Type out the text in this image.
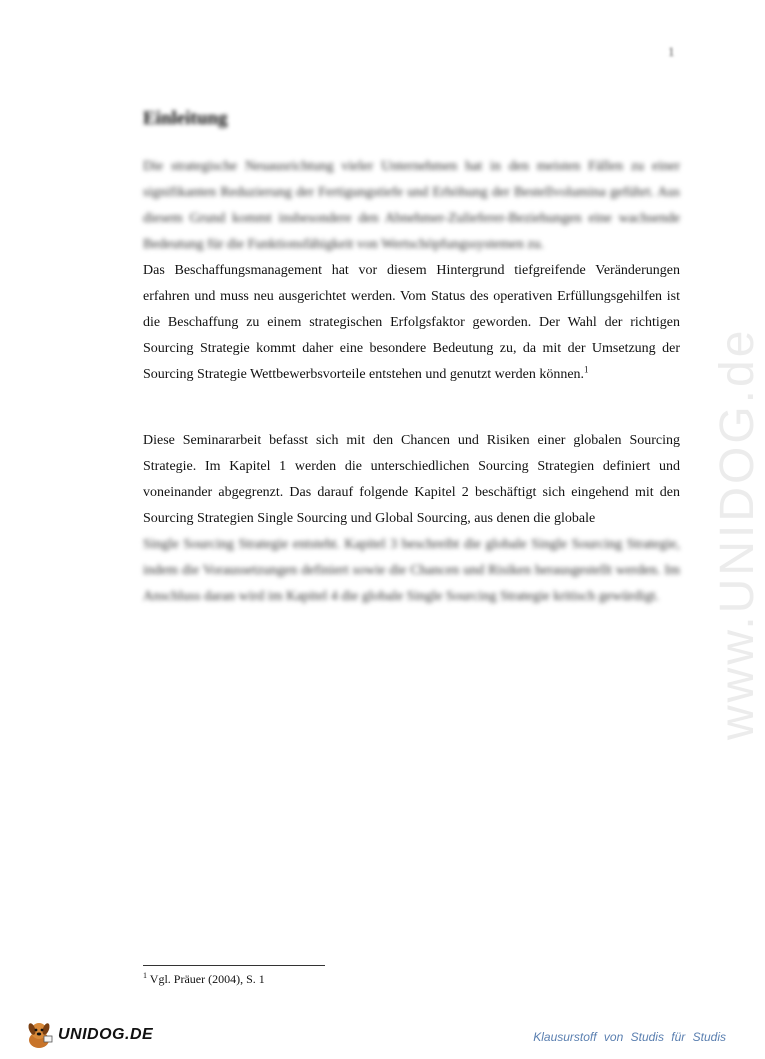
1
Einleitung

Die strategische Neuausrichtung vieler Unternehmen hat in den meisten Fällen zu einer signifikanten Reduzierung der Fertigungstiefe und Erhöhung der Bestellvolumina geführt. Aus diesem Grund kommt insbesondere den Abnehmer-Zulieferer-Beziehungen eine wachsende Bedeutung für die Funktionsfähigkeit von Wertschöpfungssystemen zu.

Das Beschaffungsmanagement hat vor diesem Hintergrund tiefgreifende Veränderungen erfahren und muss neu ausgerichtet werden. Vom Status des operativen Erfüllungsgehilfen ist die Beschaffung zu einem strategischen Erfolgsfaktor geworden. Der Wahl der richtigen Sourcing Strategie kommt daher eine besondere Bedeutung zu, da mit der Umsetzung der Sourcing Strategie Wettbewerbsvorteile entstehen und genutzt werden können.$^1$

Diese Seminararbeit befasst sich mit den Chancen und Risiken einer globalen Sourcing Strategie. Im Kapitel 1 werden die unterschiedlichen Sourcing Strategien definiert und voneinander abgegrenzt. Das darauf folgende Kapitel 2 beschäftigt sich eingehend mit den Sourcing Strategien Single Sourcing und Global Sourcing, aus denen die globale

Single Sourcing Strategie entsteht. Kapitel 3 beschreibt die globale Single Sourcing Strategie, indem die Voraussetzungen definiert sowie die Chancen und Risiken herausgestellt werden. Im Anschluss daran wird im Kapitel 4 die globale Single Sourcing Strategie kritisch gewürdigt.	www.UNIDOG.de
$^1$ Vgl. Präuer (2004), S. 1
UNIDOG.DE	Klausurstoff von Studis für Studis
